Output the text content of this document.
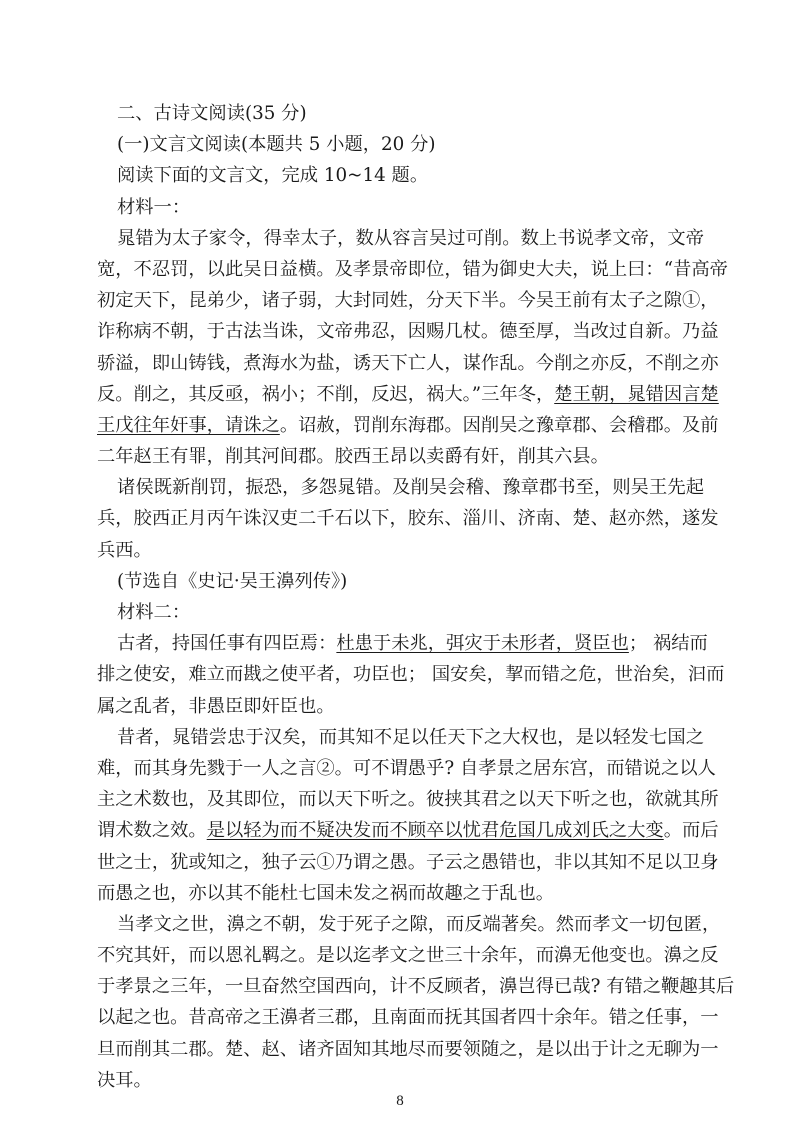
二、古诗文阅读(35 分)
(一)文言文阅读(本题共 5 小题，20 分)
阅读下面的文言文，完成 10~14 题。
材料一：
晁错为太子家令，得幸太子，数从容言吴过可削。数上书说孝文帝，文帝
宽，不忍罚，以此吴日益横。及孝景帝即位，错为御史大夫，说上曰：“昔高帝
初定天下，昆弟少，诸子弱，大封同姓，分天下半。今吴王前有太子之隙①，
诈称病不朝，于古法当诛，文帝弗忍，因赐几杖。德至厚，当改过自新。乃益
骄溢，即山铸钱，煮海水为盐，诱天下亡人，谋作乱。今削之亦反，不削之亦
反。削之，其反亟，祸小；不削，反迟，祸大。”三年冬，楚王朝，晁错因言楚
王戊往年奸事，请诛之。诏赦，罚削东海郡。因削吴之豫章郡、会稽郡。及前
二年赵王有罪，削其河间郡。胶西王昂以卖爵有奸，削其六县。
诸侯既新削罚，振恐，多怨晁错。及削吴会稽、豫章郡书至，则吴王先起
兵，胶西正月丙午诛汉吏二千石以下，胶东、淄川、济南、楚、赵亦然，遂发
兵西。
(节选自《史记·吴王濞列传》)
材料二：
古者，持国任事有四臣焉：杜患于未兆，弭灾于未形者，贤臣也； 祸结而
排之使安，难立而戡之使平者，功臣也； 国安矣，挈而错之危，世治矣，汩而
属之乱者，非愚臣即奸臣也。
昔者，晁错尝忠于汉矣，而其知不足以任天下之大权也，是以轻发七国之
难，而其身先戮于一人之言②。可不谓愚乎? 自孝景之居东宫，而错说之以人
主之术数也，及其即位，而以天下听之。彼挟其君之以天下听之也，欲就其所
谓术数之效。是以轻为而不疑决发而不顾卒以忧君危国几成刘氏之大变。而后
世之士，犹或知之，独子云①乃谓之愚。子云之愚错也，非以其知不足以卫身
而愚之也，亦以其不能杜七国未发之祸而故趣之于乱也。
当孝文之世，濞之不朝，发于死子之隙，而反端著矣。然而孝文一切包匿，
不究其奸，而以恩礼羁之。是以迄孝文之世三十余年，而濞无他变也。濞之反
于孝景之三年，一旦奋然空国西向，计不反顾者，濞岂得已哉? 有错之鞭趣其后
以起之也。昔高帝之王濞者三郡，且南面而抚其国者四十余年。错之任事，一
旦而削其二郡。楚、赵、诸齐固知其地尽而要领随之，是以出于计之无聊为一
决耳。
8
